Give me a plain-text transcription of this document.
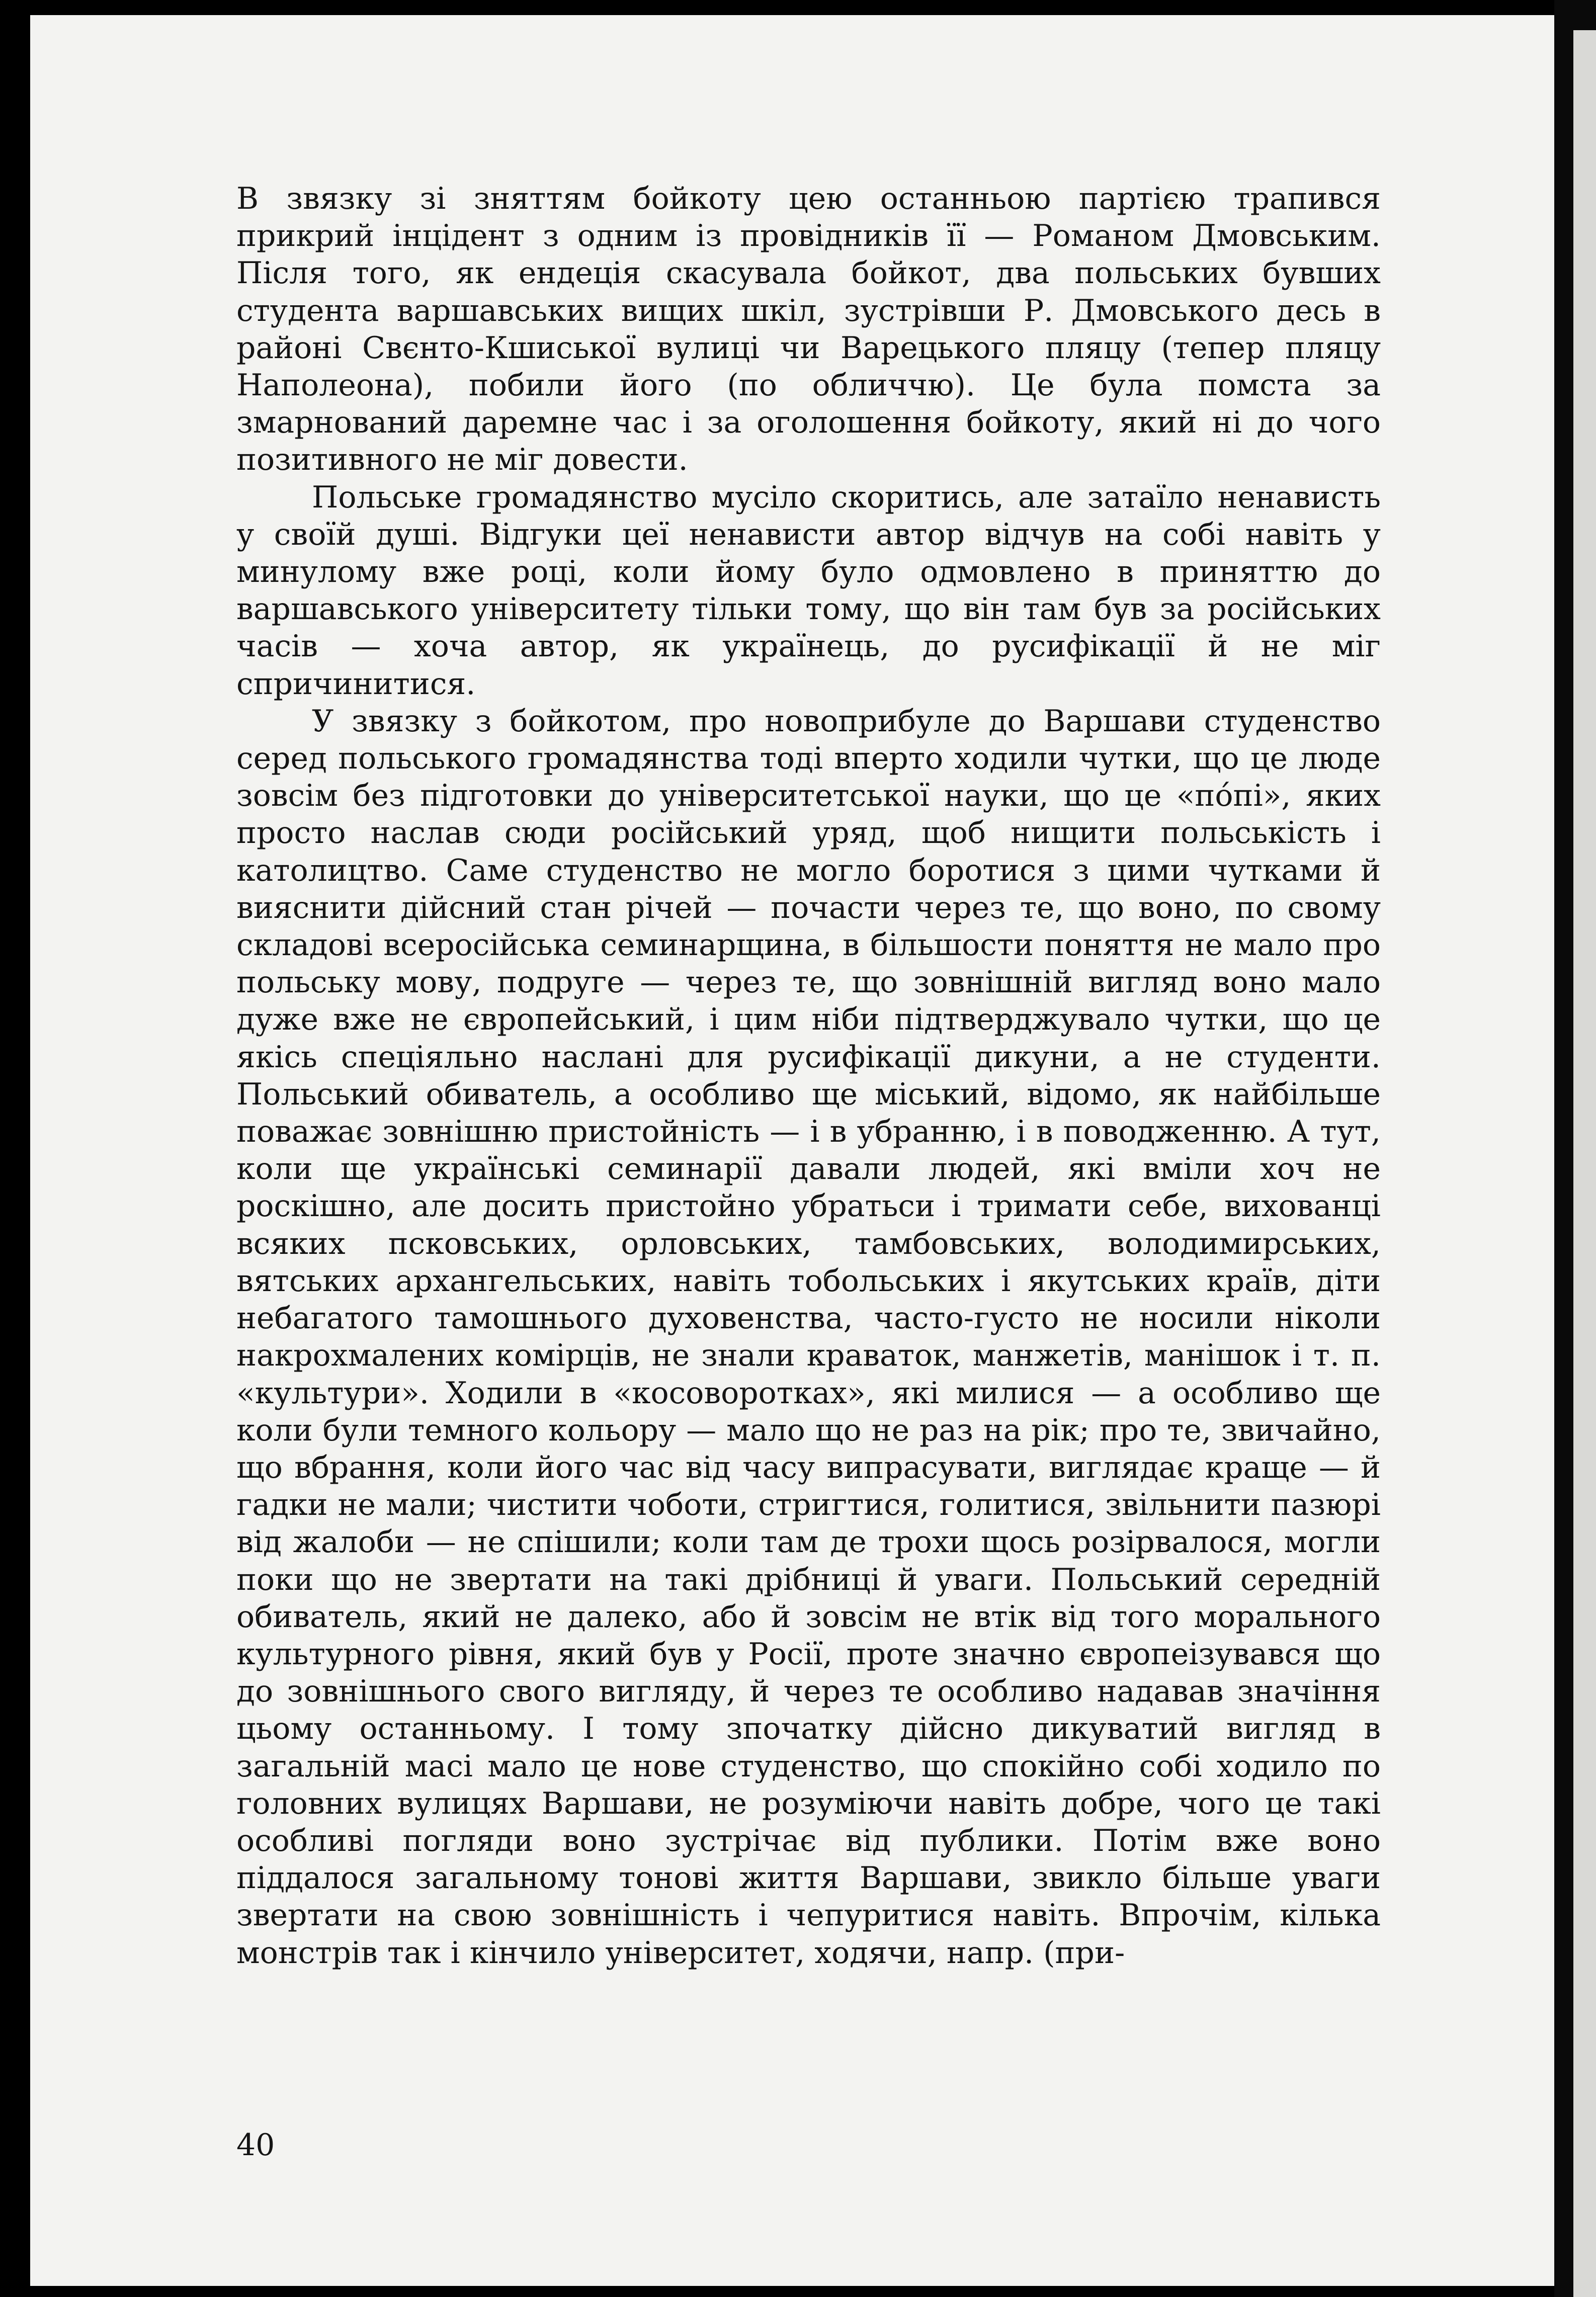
В звязку зі зняттям бойкоту цею останньою партією трапився прикрий інцідент з одним із провідників її — Романом Дмовським. Після того, як ендеція скасувала бойкот, два польських бувших студента варшавських вищих шкіл, зустрівши Р. Дмовського десь в районі Свєнто-Кшиської вулиці чи Варецького пляцу (тепер пляцу Наполеона), побили його (по обличчю). Це була помста за змарнований даремне час і за оголошення бойкоту, який ні до чого позитивного не міг довести.

Польське громадянство мусіло скоритись, але затаїло ненависть у своїй душі. Відгуки цеї ненависти автор відчув на собі навіть у минулому вже році, коли йому було одмовлено в приняттю до варшавського університету тільки тому, що він там був за російських часів — хоча автор, як українець, до русифікації й не міг спричинитися.

У звязку з бойкотом, про новоприбуле до Варшави студенство серед польського громадянства тоді вперто ходили чутки, що це люде зовсім без підготовки до університетської науки, що це «пóпі», яких просто наслав сюди російський уряд, щоб нищити польськість і католицтво. Саме студенство не могло боротися з цими чутками й вияснити дійсний стан річей — почасти через те, що воно, по свому складові всеросійська семинарщина, в більшости поняття не мало про польську мову, подруге — через те, що зовнішній вигляд воно мало дуже вже не європейський, і цим ніби підтверджувало чутки, що це якісь спеціяльно наслані для русифікації дикуни, а не студенти. Польський обиватель, а особливо ще міський, відомо, як найбільше поважає зовнішню пристойність — і в убранню, і в поводженню. А тут, коли ще українські семинарії давали людей, які вміли хоч не роскішно, але досить пристойно убратьси і тримати себе, вихованці всяких псковських, орловських, тамбовських, володимирських, вятських архангельських, навіть тобольських і якутських країв, діти небагатого тамошнього духовенства, часто-густо не носили ніколи накрохмалених комірців, не знали краваток, манжетів, манішок і т. п. «культури». Ходили в «косоворотках», які милися — а особливо ще коли були темного кольору — мало що не раз на рік; про те, звичайно, що вбрання, коли його час від часу випрасувати, виглядає краще — й гадки не мали; чистити чоботи, стригтися, голитися, звільнити пазюрі від жалоби — не спішили; коли там де трохи щось розірвалося, могли поки що не звертати на такі дрібниці й уваги. Польський середній обиватель, який не далеко, або й зовсім не втік від того морального культурного рівня, який був у Росії, проте значно європеізувався що до зовнішнього свого вигляду, й через те особливо надавав значіння цьому останньому. І тому зпочатку дійсно дикуватий вигляд в загальній масі мало це нове студенство, що спокійно собі ходило по головних вулицях Варшави, не розуміючи навіть добре, чого це такі особливі погляди воно зустрічає від публики. Потім вже воно піддалося загальному тонові життя Варшави, звикло більше уваги звертати на свою зовнішність і чепуритися навіть. Впрочім, кілька монстрів так і кінчило університет, ходячи, напр. (при-

40
